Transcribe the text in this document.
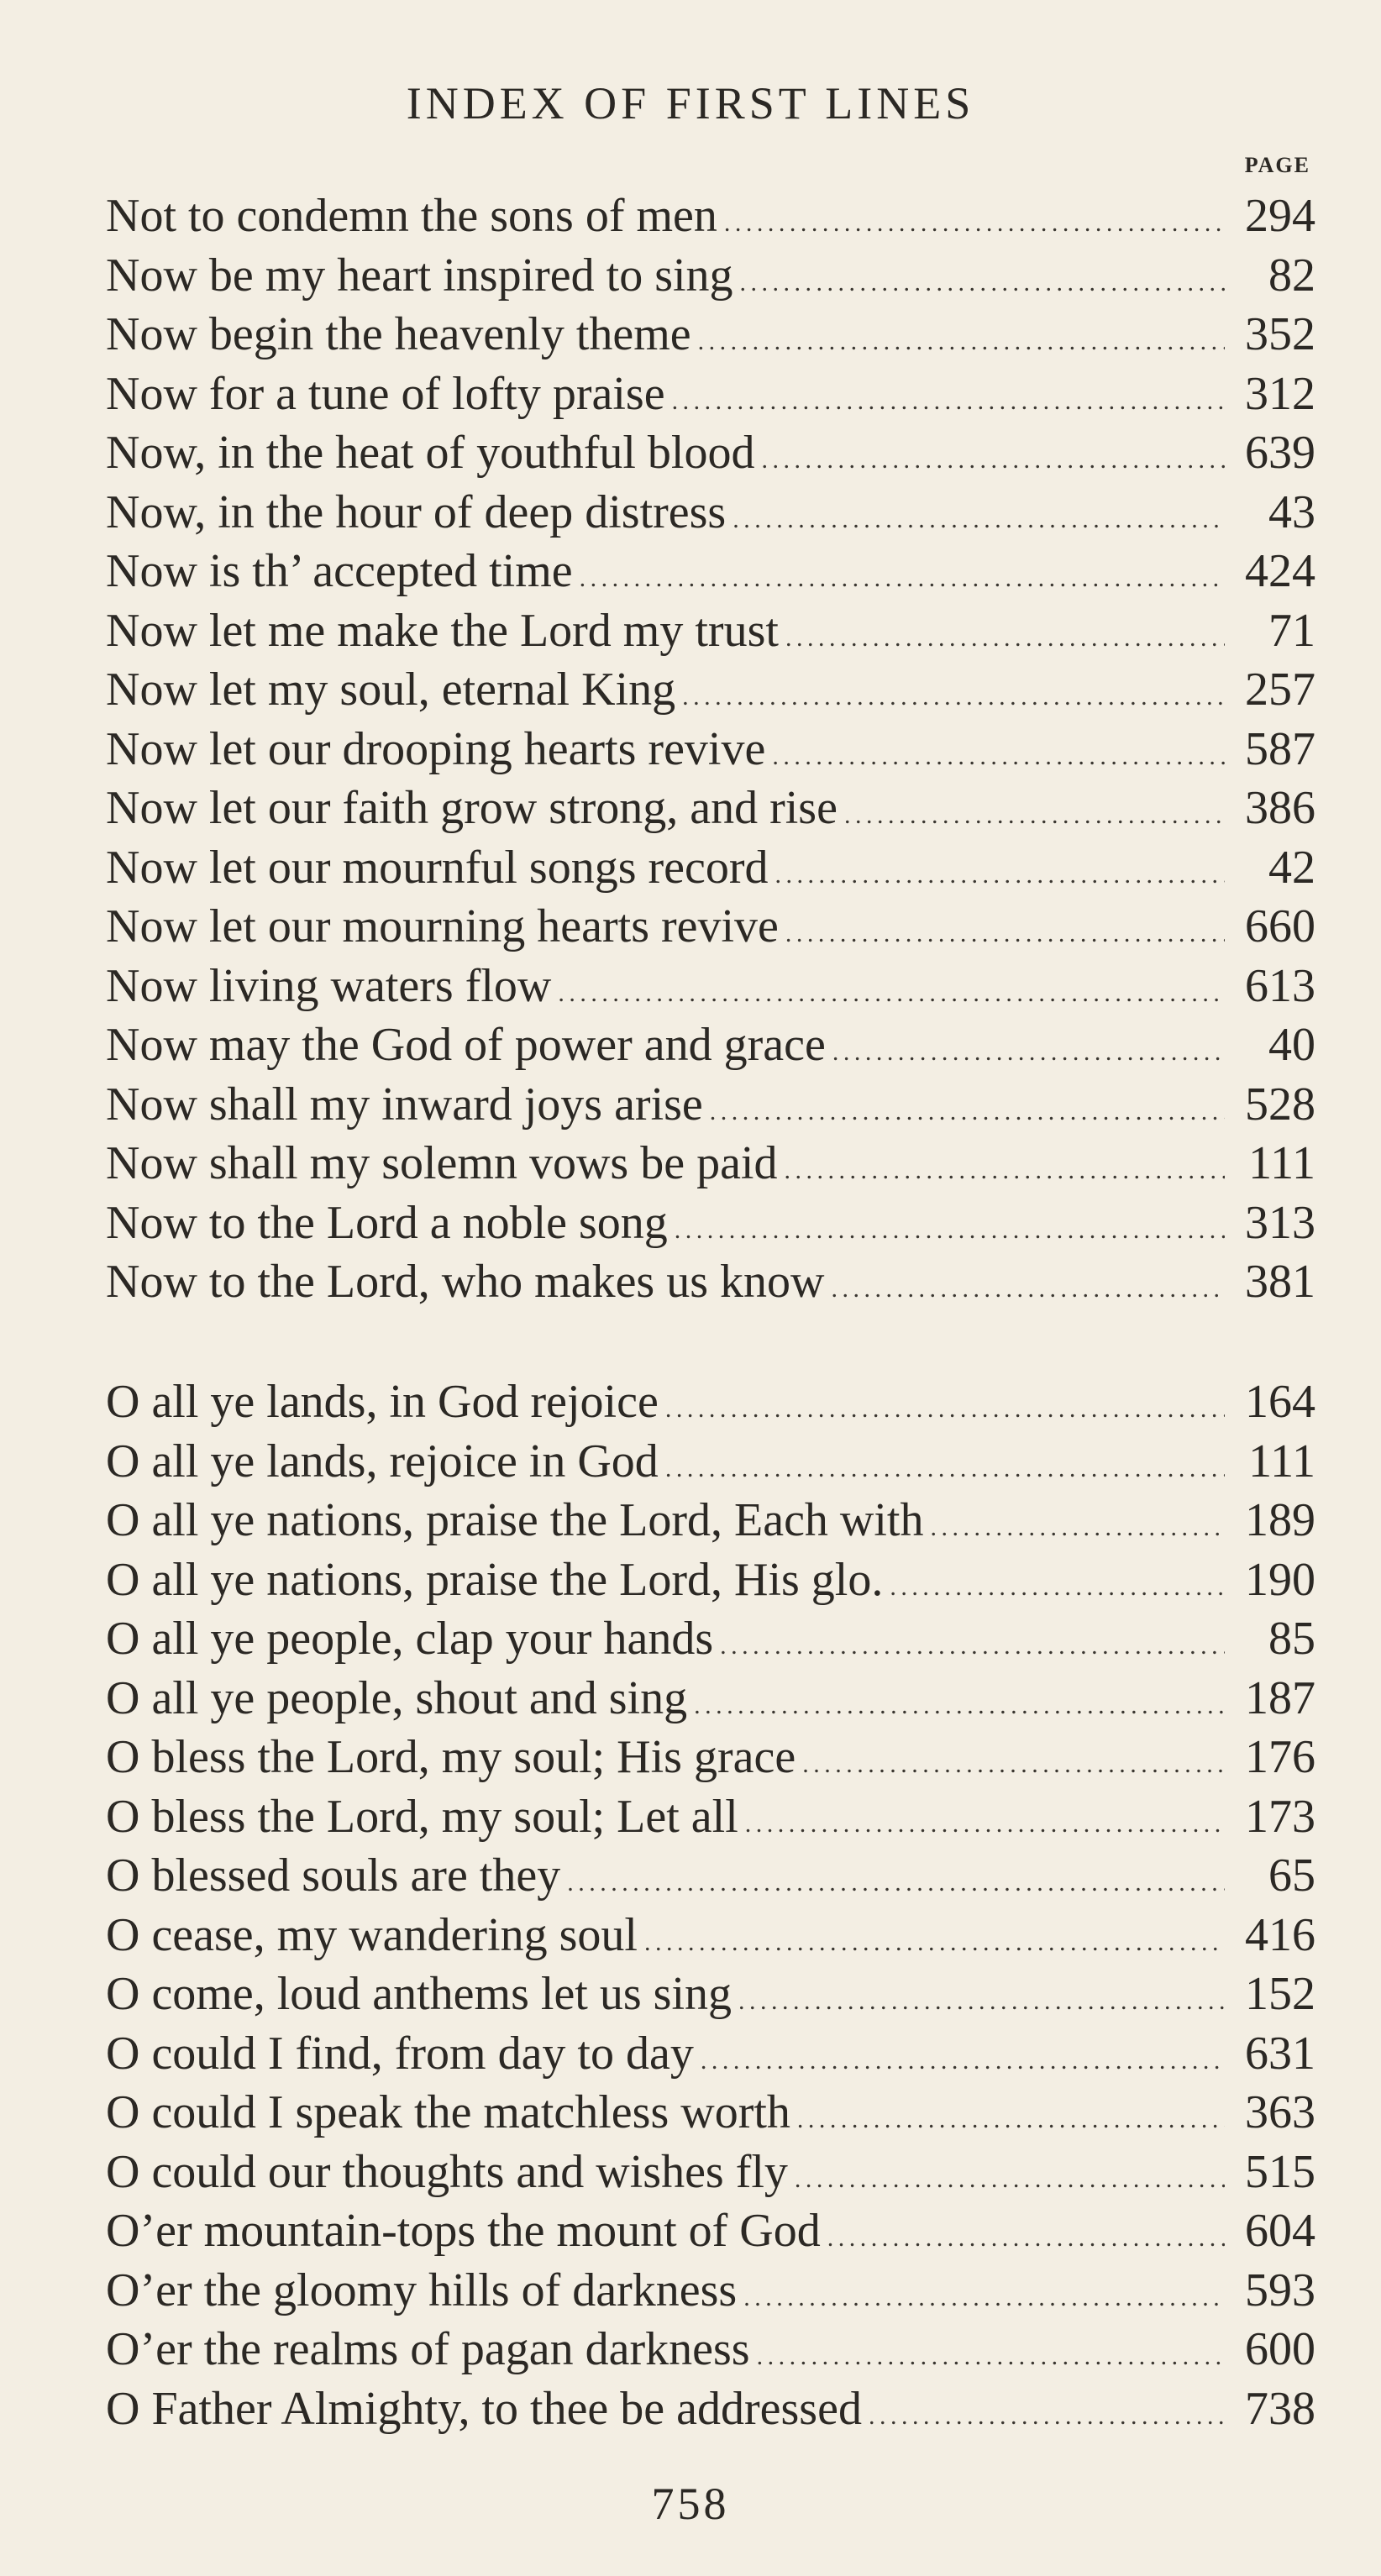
INDEX OF FIRST LINES
PAGE
Not to condemn the sons of men . . .	294
Now be my heart inspired to sing . . .	82
Now begin the heavenly theme . . .	352
Now for a tune of lofty praise . . .	312
Now, in the heat of youthful blood . . .	639
Now, in the hour of deep distress . . .	43
Now is th’ accepted time . . .	424
Now let me make the Lord my trust . . .	71
Now let my soul, eternal King . . .	257
Now let our drooping hearts revive . . .	587
Now let our faith grow strong, and rise . . .	386
Now let our mournful songs record . . .	42
Now let our mourning hearts revive . . .	660
Now living waters flow . . .	613
Now may the God of power and grace . . .	40
Now shall my inward joys arise . . .	528
Now shall my solemn vows be paid . . .	111
Now to the Lord a noble song . . .	313
Now to the Lord, who makes us know . . .	381
O all ye lands, in God rejoice . . .	164
O all ye lands, rejoice in God . . .	111
O all ye nations, praise the Lord, Each with . . .	189
O all ye nations, praise the Lord, His glo. . . .	190
O all ye people, clap your hands . . .	85
O all ye people, shout and sing . . .	187
O bless the Lord, my soul; His grace . . .	176
O bless the Lord, my soul; Let all . . .	173
O blessed souls are they . . .	65
O cease, my wandering soul . . .	416
O come, loud anthems let us sing . . .	152
O could I find, from day to day . . .	631
O could I speak the matchless worth . . .	363
O could our thoughts and wishes fly . . .	515
O’er mountain-tops the mount of God . . .	604
O’er the gloomy hills of darkness . . .	593
O’er the realms of pagan darkness . . .	600
O Father Almighty, to thee be addressed . . .	738
758
